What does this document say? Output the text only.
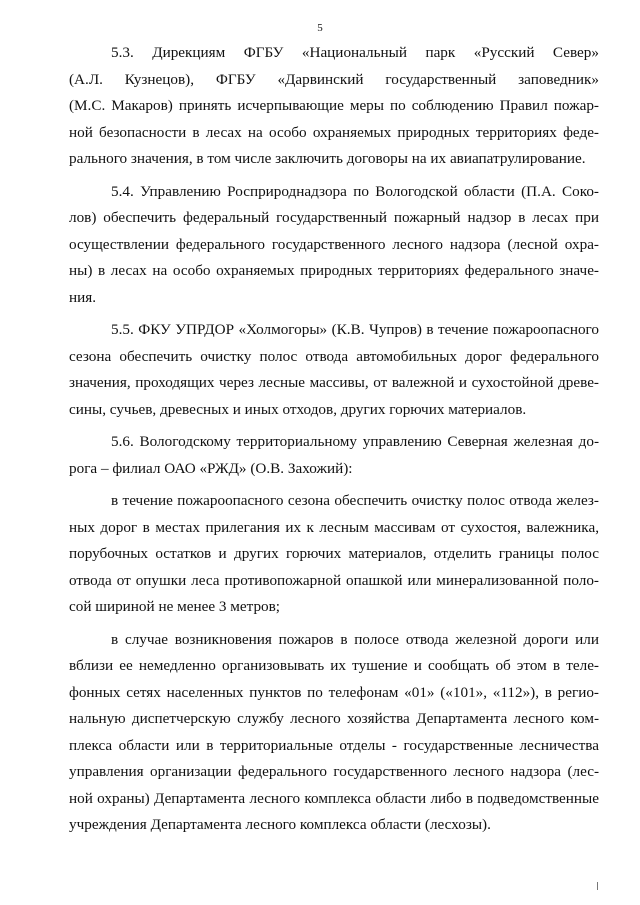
5
5.3. Дирекциям ФГБУ «Национальный парк «Русский Север»
(А.Л. Кузнецов), ФГБУ «Дарвинский государственный заповедник»
(М.С. Макаров) принять исчерпывающие меры по соблюдению Правил пожар-
ной безопасности в лесах на особо охраняемых природных территориях феде-
рального значения, в том числе заключить договоры на их авиапатрулирование.
5.4. Управлению Росприроднадзора по Вологодской области (П.А. Соко-
лов) обеспечить федеральный государственный пожарный надзор в лесах при
осуществлении федерального государственного лесного надзора (лесной охра-
ны) в лесах на особо охраняемых природных территориях федерального значе-
ния.
5.5. ФКУ УПРДОР «Холмогоры» (К.В. Чупров) в течение пожароопасного
сезона обеспечить очистку полос отвода автомобильных дорог федерального
значения, проходящих через лесные массивы, от валежной и сухостойной древе-
сины, сучьев, древесных и иных отходов, других горючих материалов.
5.6. Вологодскому территориальному управлению Северная железная до-
рога – филиал ОАО «РЖД» (О.В. Захожий):
в течение пожароопасного сезона обеспечить очистку полос отвода желез-
ных дорог в местах прилегания их к лесным массивам от сухостоя, валежника,
порубочных остатков и других горючих материалов, отделить границы полос
отвода от опушки леса противопожарной опашкой или минерализованной поло-
сой шириной не менее 3 метров;
в случае возникновения пожаров в полосе отвода железной дороги или
вблизи ее немедленно организовывать их тушение и сообщать об этом в теле-
фонных сетях населенных пунктов по телефонам «01» («101», «112»), в регио-
нальную диспетчерскую службу лесного хозяйства Департамента лесного ком-
плекса области или в территориальные отделы - государственные лесничества
управления организации федерального государственного лесного надзора (лес-
ной охраны) Департамента лесного комплекса области либо в подведомственные
учреждения Департамента лесного комплекса области (лесхозы).
